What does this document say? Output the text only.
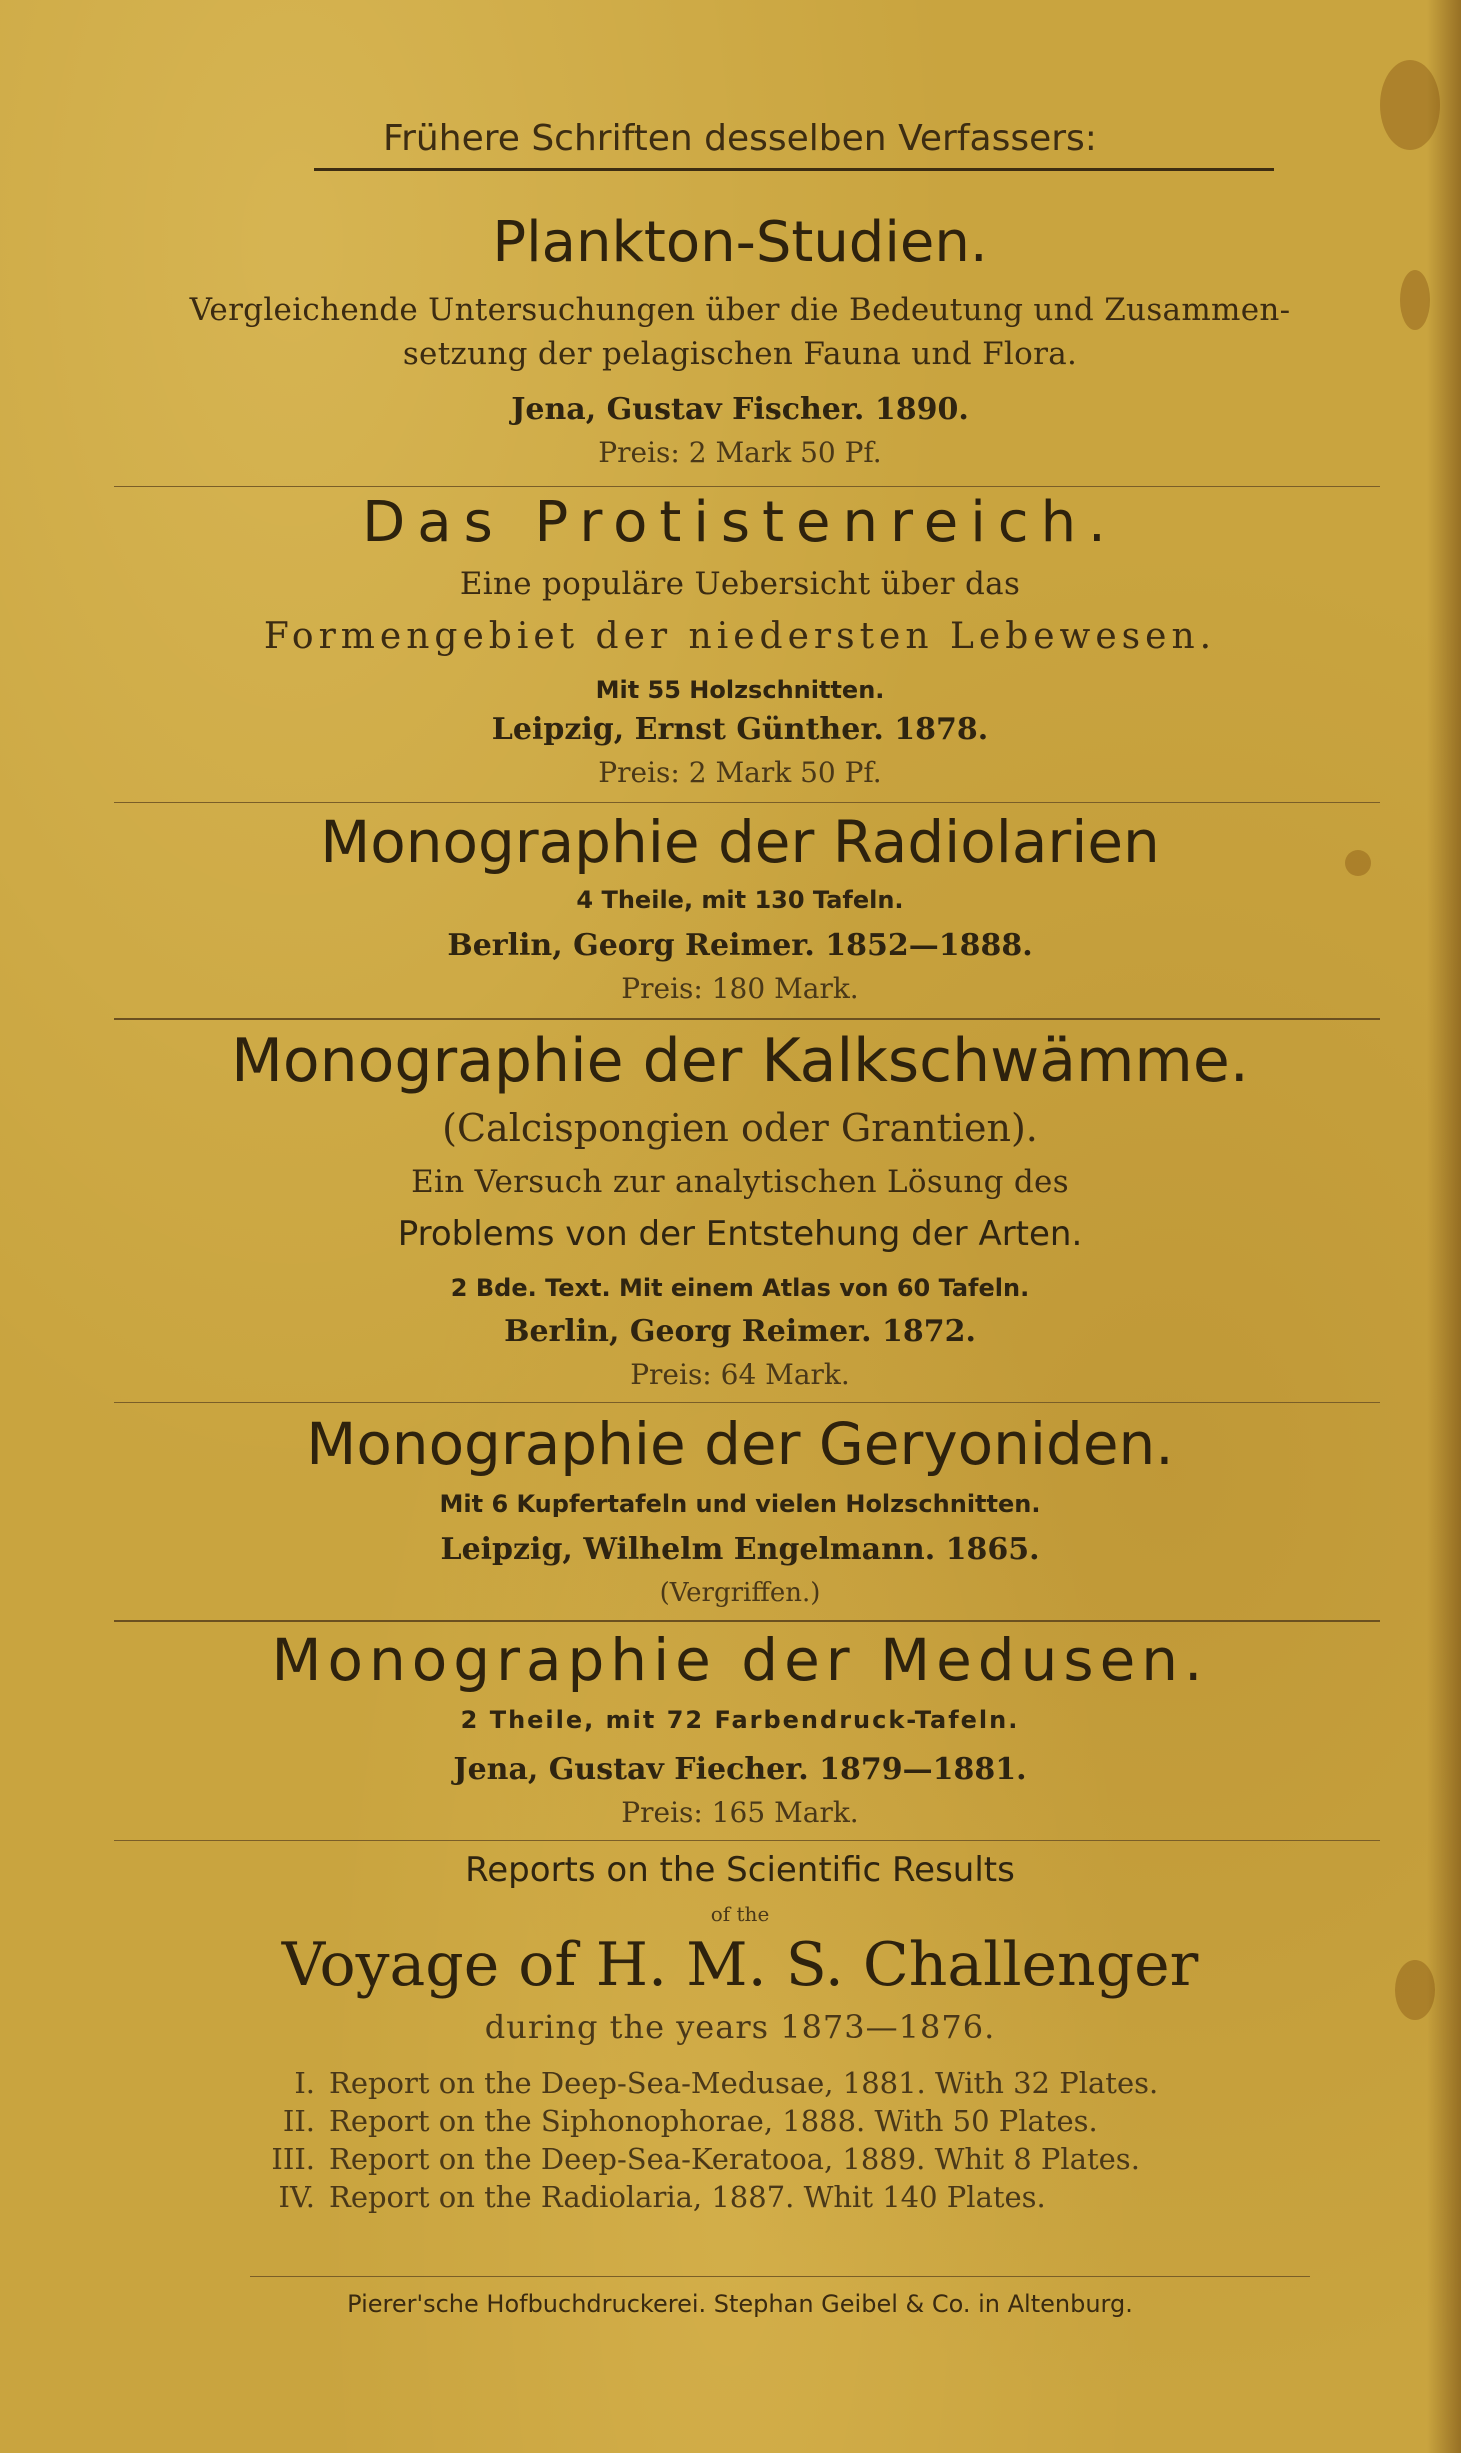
Frühere Schriften desselben Verfassers:
Plankton-Studien.
Vergleichende Untersuchungen über die Bedeutung und Zusammen-
setzung der pelagischen Fauna und Flora.
Jena, Gustav Fischer. 1890.
Preis: 2 Mark 50 Pf.
Das Protistenreich.
Eine populäre Uebersicht über das
Formengebiet der niedersten Lebewesen.
Mit 55 Holzschnitten.
Leipzig, Ernst Günther. 1878.
Preis: 2 Mark 50 Pf.
Monographie der Radiolarien
4 Theile, mit 130 Tafeln.
Berlin, Georg Reimer. 1852—1888.
Preis: 180 Mark.
Monographie der Kalkschwämme.
(Calcispongien oder Grantien).
Ein Versuch zur analytischen Lösung des
Problems von der Entstehung der Arten.
2 Bde. Text. Mit einem Atlas von 60 Tafeln.
Berlin, Georg Reimer. 1872.
Preis: 64 Mark.
Monographie der Geryoniden.
Mit 6 Kupfertafeln und vielen Holzschnitten.
Leipzig, Wilhelm Engelmann. 1865.
(Vergriffen.)
Monographie der Medusen.
2 Theile, mit 72 Farbendruck-Tafeln.
Jena, Gustav Fiecher. 1879—1881.
Preis: 165 Mark.
Reports on the Scientific Results
of the
Voyage of H. M. S. Challenger
during the years 1873—1876.
I. Report on the Deep-Sea-Medusae, 1881. With 32 Plates.
II. Report on the Siphonophorae, 1888. With 50 Plates.
III. Report on the Deep-Sea-Keratooa, 1889. Whit 8 Plates.
IV. Report on the Radiolaria, 1887. Whit 140 Plates.
Pierer'sche Hofbuchdruckerei. Stephan Geibel & Co. in Altenburg.
